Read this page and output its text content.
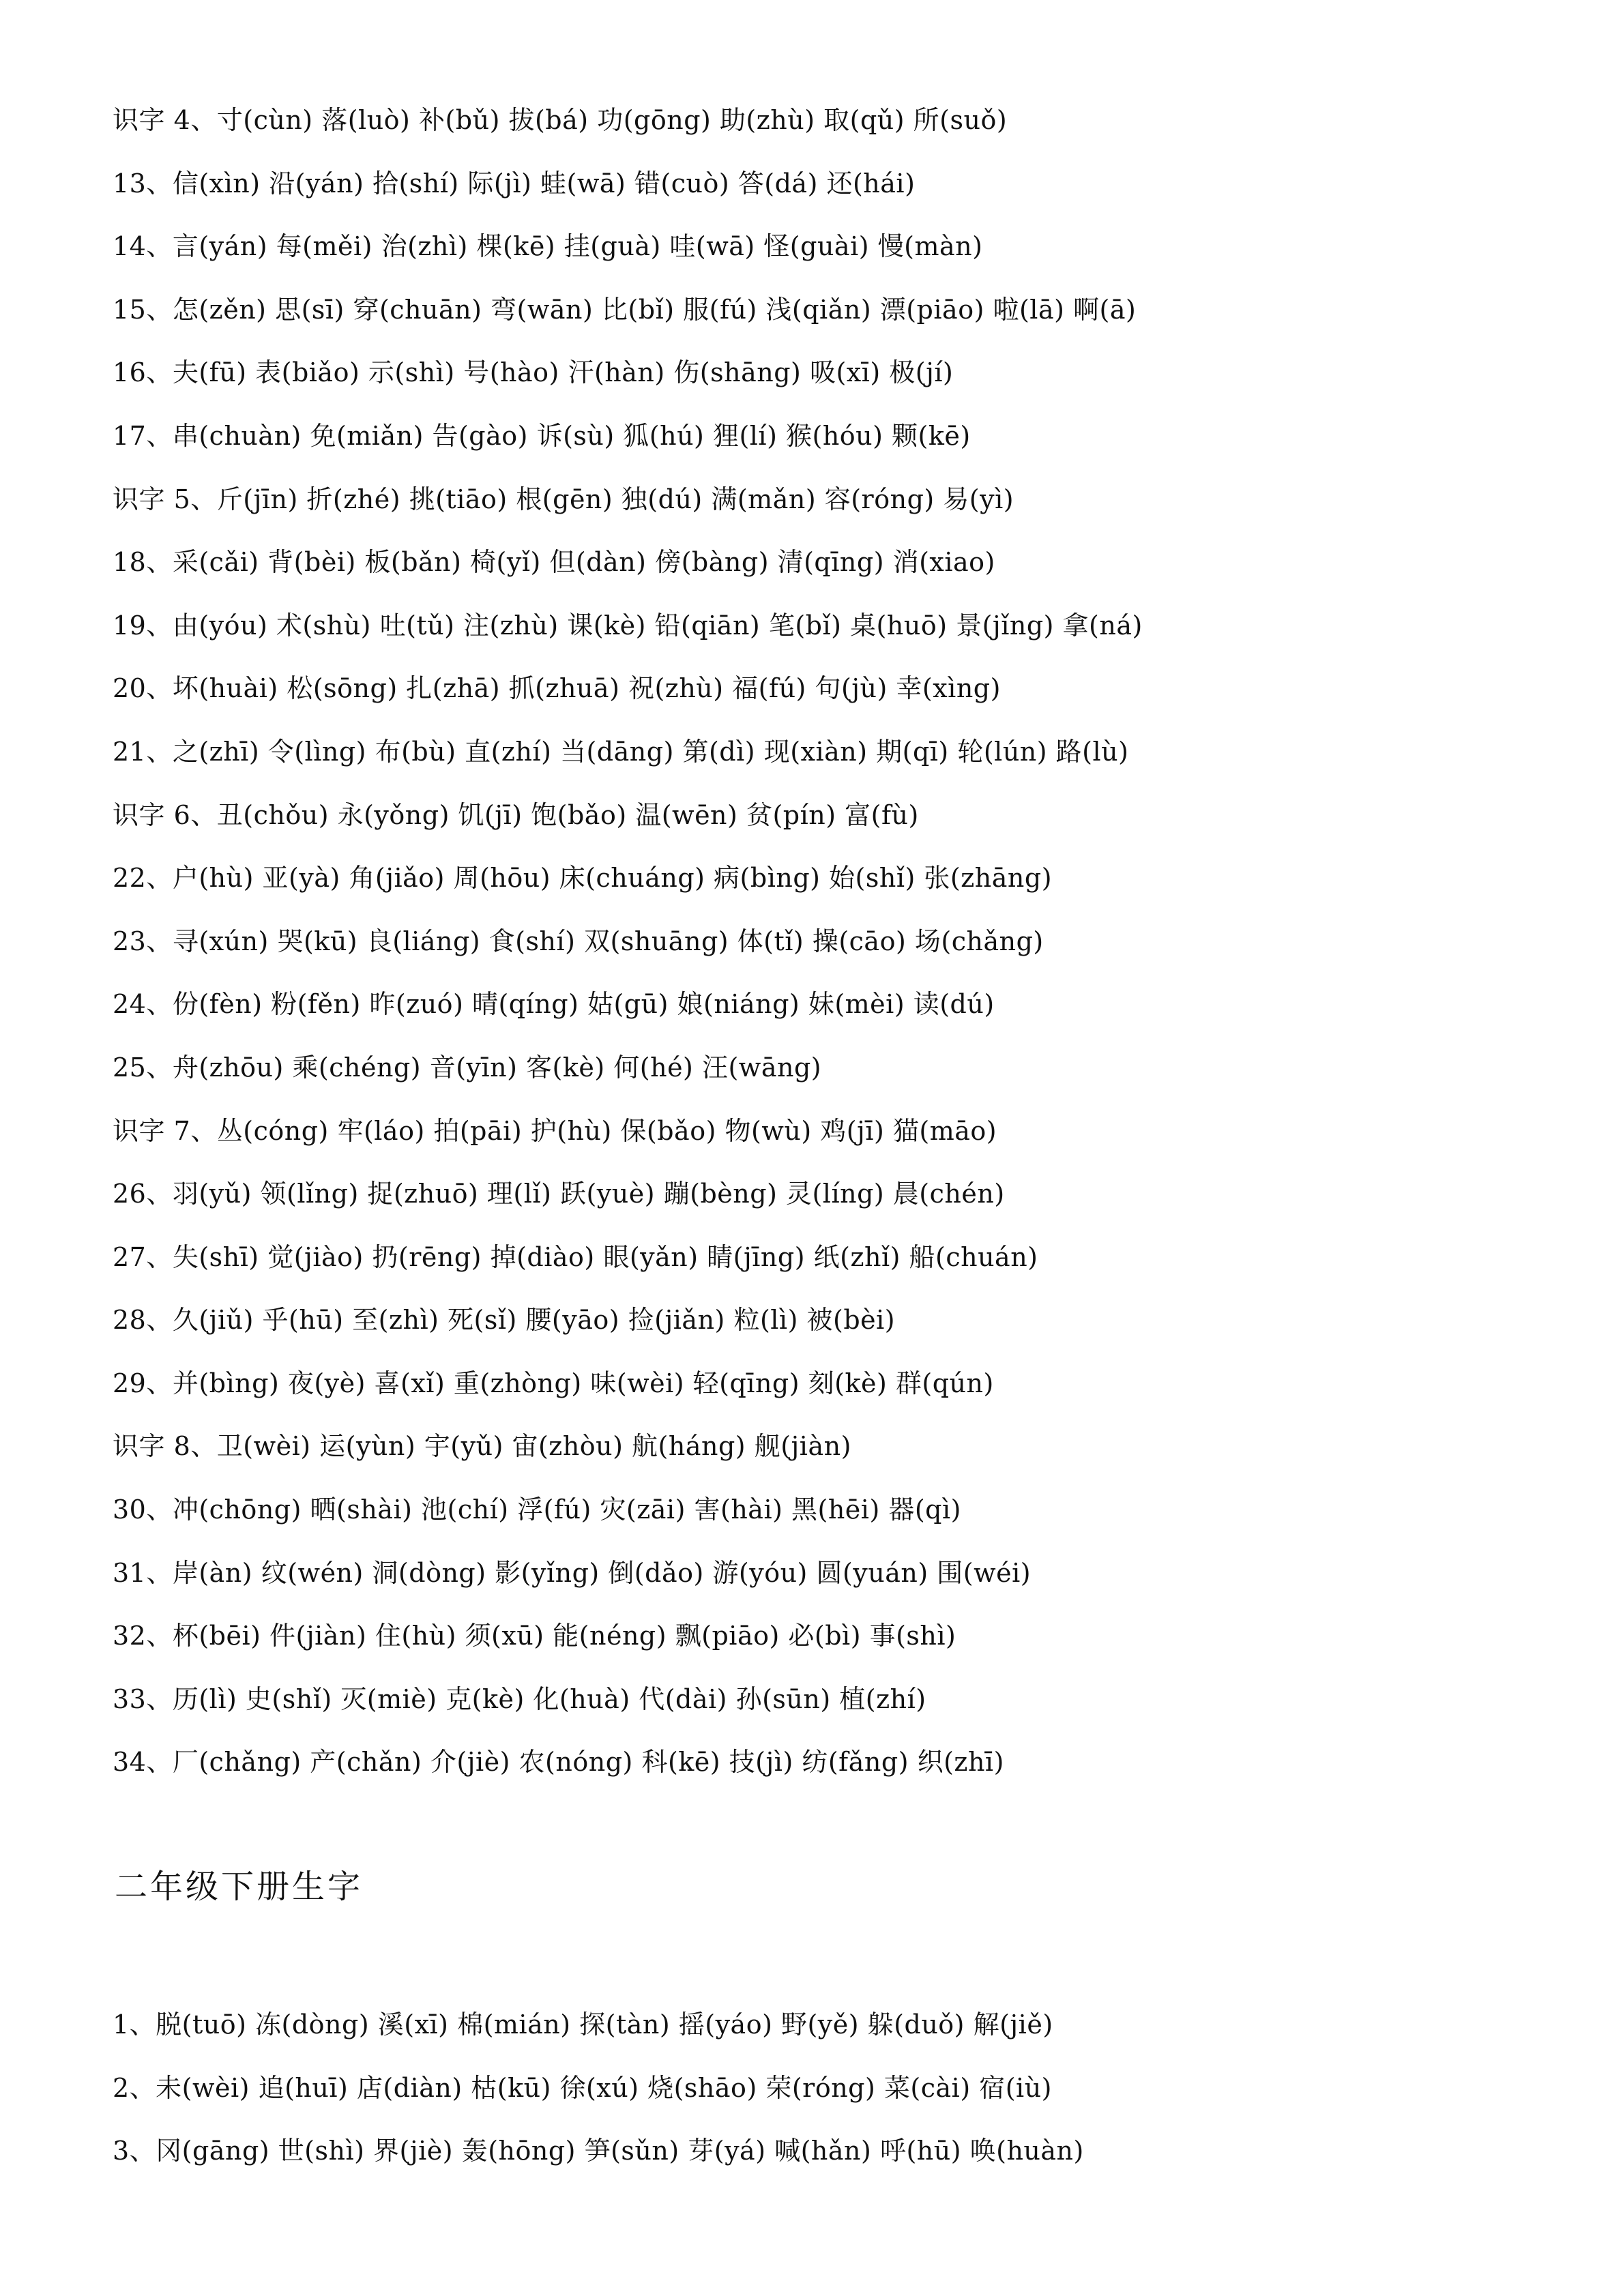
识字 4、寸(cùn) 落(luò) 补(bǔ) 拔(bá) 功(gōng) 助(zhù) 取(qǔ) 所(suǒ)
13、信(xìn) 沿(yán) 拾(shí) 际(jì) 蛙(wā) 错(cuò) 答(dá) 还(hái)
14、言(yán) 每(měi) 治(zhì) 棵(kē) 挂(guà) 哇(wā) 怪(guài) 慢(màn)
15、怎(zěn) 思(sī) 穿(chuān) 弯(wān) 比(bǐ) 服(fú) 浅(qiǎn) 漂(piāo) 啦(lā) 啊(ā)
16、夫(fū) 表(biǎo) 示(shì) 号(hào) 汗(hàn) 伤(shāng) 吸(xī) 极(jí)
17、串(chuàn) 免(miǎn) 告(gào) 诉(sù) 狐(hú) 狸(lí) 猴(hóu) 颗(kē)
识字 5、斤(jīn) 折(zhé) 挑(tiāo) 根(gēn) 独(dú) 满(mǎn) 容(róng) 易(yì)
18、采(cǎi) 背(bèi) 板(bǎn) 椅(yǐ) 但(dàn) 傍(bàng) 清(qīng) 消(xiao)
19、由(yóu) 术(shù) 吐(tǔ) 注(zhù) 课(kè) 铅(qiān) 笔(bǐ) 桌(huō) 景(jǐng) 拿(ná)
20、坏(huài) 松(sōng) 扎(zhā) 抓(zhuā) 祝(zhù) 福(fú) 句(jù) 幸(xìng)
21、之(zhī) 令(lìng) 布(bù) 直(zhí) 当(dāng) 第(dì) 现(xiàn) 期(qī) 轮(lún) 路(lù)
识字 6、丑(chǒu) 永(yǒng) 饥(jī) 饱(bǎo) 温(wēn) 贫(pín) 富(fù)
22、户(hù) 亚(yà) 角(jiǎo) 周(hōu) 床(chuáng) 病(bìng) 始(shǐ) 张(zhāng)
23、寻(xún) 哭(kū) 良(liáng) 食(shí) 双(shuāng) 体(tǐ) 操(cāo) 场(chǎng)
24、份(fèn) 粉(fěn) 昨(zuó) 晴(qíng) 姑(gū) 娘(niáng) 妹(mèi) 读(dú)
25、舟(zhōu) 乘(chéng) 音(yīn) 客(kè) 何(hé) 汪(wāng)
识字 7、丛(cóng) 牢(láo) 拍(pāi) 护(hù) 保(bǎo) 物(wù) 鸡(jī) 猫(māo)
26、羽(yǔ) 领(lǐng) 捉(zhuō) 理(lǐ) 跃(yuè) 蹦(bèng) 灵(líng) 晨(chén)
27、失(shī) 觉(jiào) 扔(rēng) 掉(diào) 眼(yǎn) 睛(jīng) 纸(zhǐ) 船(chuán)
28、久(jiǔ) 乎(hū) 至(zhì) 死(sǐ) 腰(yāo) 捡(jiǎn) 粒(lì) 被(bèi)
29、并(bìng) 夜(yè) 喜(xǐ) 重(zhòng) 味(wèi) 轻(qīng) 刻(kè) 群(qún)
识字 8、卫(wèi) 运(yùn) 宇(yǔ) 宙(zhòu) 航(háng) 舰(jiàn)
30、冲(chōng) 晒(shài) 池(chí) 浮(fú) 灾(zāi) 害(hài) 黑(hēi) 器(qì)
31、岸(àn) 纹(wén) 洞(dòng) 影(yǐng) 倒(dǎo) 游(yóu) 圆(yuán) 围(wéi)
32、杯(bēi) 件(jiàn) 住(hù) 须(xū) 能(néng) 飘(piāo) 必(bì) 事(shì)
33、历(lì) 史(shǐ) 灭(miè) 克(kè) 化(huà) 代(dài) 孙(sūn) 植(zhí)
34、厂(chǎng) 产(chǎn) 介(jiè) 农(nóng) 科(kē) 技(jì) 纺(fǎng) 织(zhī)
二年级下册生字
1、脱(tuō) 冻(dòng) 溪(xī) 棉(mián) 探(tàn) 摇(yáo) 野(yě) 躲(duǒ) 解(jiě)
2、未(wèi) 追(huī) 店(diàn) 枯(kū) 徐(xú) 烧(shāo) 荣(róng) 菜(cài) 宿(iù)
3、冈(gāng) 世(shì) 界(jiè) 轰(hōng) 笋(sǔn) 芽(yá) 喊(hǎn) 呼(hū) 唤(huàn)
